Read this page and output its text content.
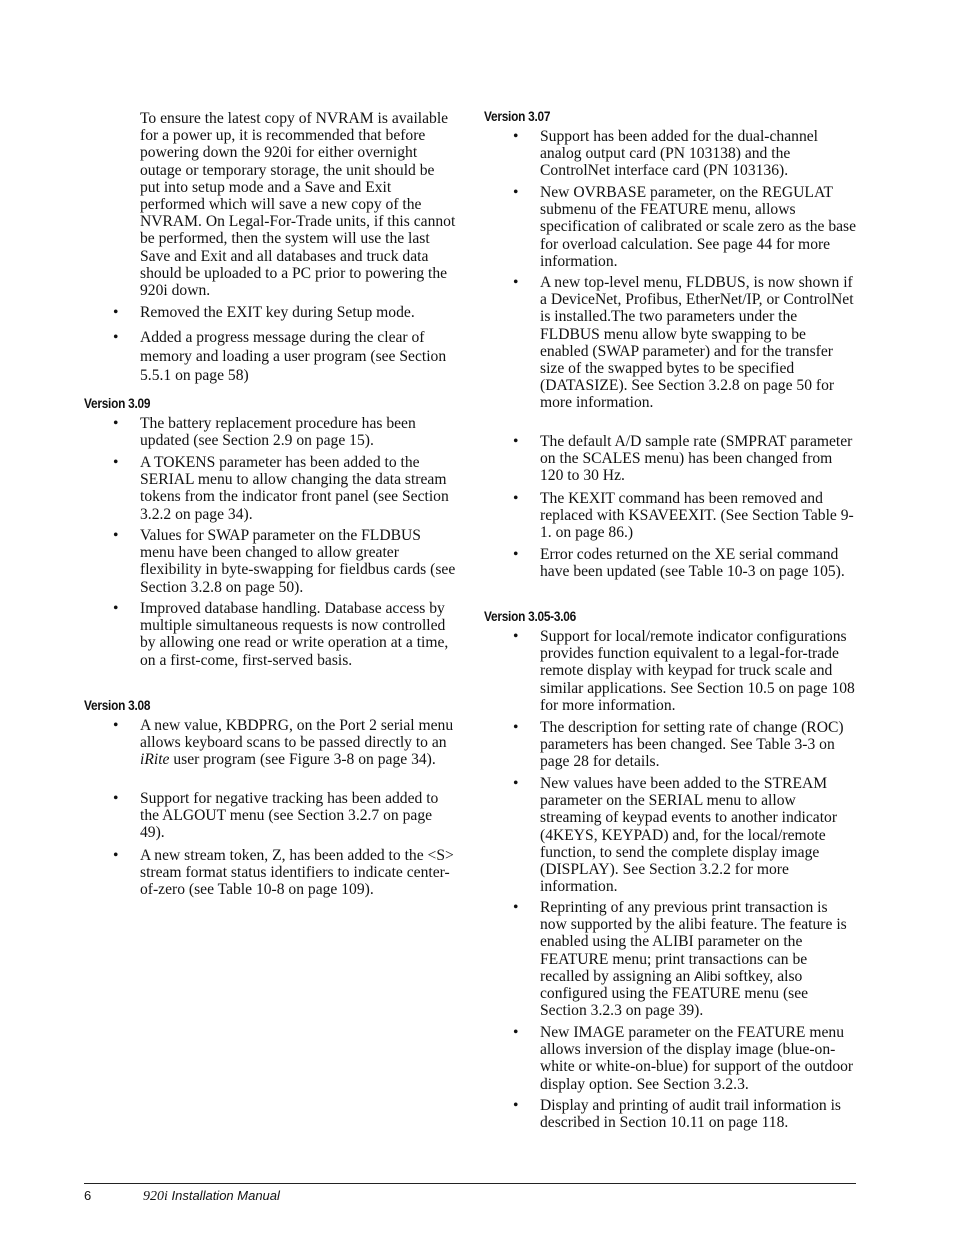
To ensure the latest copy of NVRAM is available for a power up, it is recommended that before powering down the 920i for either overnight outage or temporary storage, the unit should be put into setup mode and a Save and Exit performed which will save a new copy of the NVRAM. On Legal-For-Trade units, if this cannot be performed, then the system will use the last Save and Exit and all databases and truck data should be uploaded to a PC prior to powering the 920i down.

• Removed the EXIT key during Setup mode.
• Added a progress message during the clear of memory and loading a user program (see Section 5.5.1 on page 58)
Version 3.09
• The battery replacement procedure has been updated (see Section 2.9 on page 15).
• A TOKENS parameter has been added to the SERIAL menu to allow changing the data stream tokens from the indicator front panel (see Section 3.2.2 on page 34).
• Values for SWAP parameter on the FLDBUS menu have been changed to allow greater flexibility in byte-swapping for fieldbus cards (see Section 3.2.8 on page 50).
• Improved database handling. Database access by multiple simultaneous requests is now controlled by allowing one read or write operation at a time, on a first-come, first-served basis.
Version 3.08
• A new value, KBDPRG, on the Port 2 serial menu allows keyboard scans to be passed directly to an iRite user program (see Figure 3-8 on page 34).
• Support for negative tracking has been added to the ALGOUT menu (see Section 3.2.7 on page 49).
• A new stream token, Z, has been added to the <S> stream format status identifiers to indicate center-of-zero (see Table 10-8 on page 109).
Version 3.07
• Support has been added for the dual-channel analog output card (PN 103138) and the ControlNet interface card (PN 103136).
• New OVRBASE parameter, on the REGULAT submenu of the FEATURE menu, allows specification of calibrated or scale zero as the base for overload calculation. See page 44 for more information.
• A new top-level menu, FLDBUS, is now shown if a DeviceNet, Profibus, EtherNet/IP, or ControlNet is installed.The two parameters under the FLDBUS menu allow byte swapping to be enabled (SWAP parameter) and for the transfer size of the swapped bytes to be specified (DATASIZE). See Section 3.2.8 on page 50 for more information.
• The default A/D sample rate (SMPRAT parameter on the SCALES menu) has been changed from 120 to 30 Hz.
• The KEXIT command has been removed and replaced with KSAVEEXIT. (See Section Table 9-1. on page 86.)
• Error codes returned on the XE serial command have been updated (see Table 10-3 on page 105).
Version 3.05-3.06
• Support for local/remote indicator configurations provides function equivalent to a legal-for-trade remote display with keypad for truck scale and similar applications. See Section 10.5 on page 108 for more information.
• The description for setting rate of change (ROC) parameters has been changed. See Table 3-3 on page 28 for details.
• New values have been added to the STREAM parameter on the SERIAL menu to allow streaming of keypad events to another indicator (4KEYS, KEYPAD) and, for the local/remote function, to send the complete display image (DISPLAY). See Section 3.2.2 for more information.
• Reprinting of any previous print transaction is now supported by the alibi feature. The feature is enabled using the ALIBI parameter on the FEATURE menu; print transactions can be recalled by assigning an Alibi softkey, also configured using the FEATURE menu (see Section 3.2.3 on page 39).
• New IMAGE parameter on the FEATURE menu allows inversion of the display image (blue-on-white or white-on-blue) for support of the outdoor display option. See Section 3.2.3.
• Display and printing of audit trail information is described in Section 10.11 on page 118.
6	920i Installation Manual
